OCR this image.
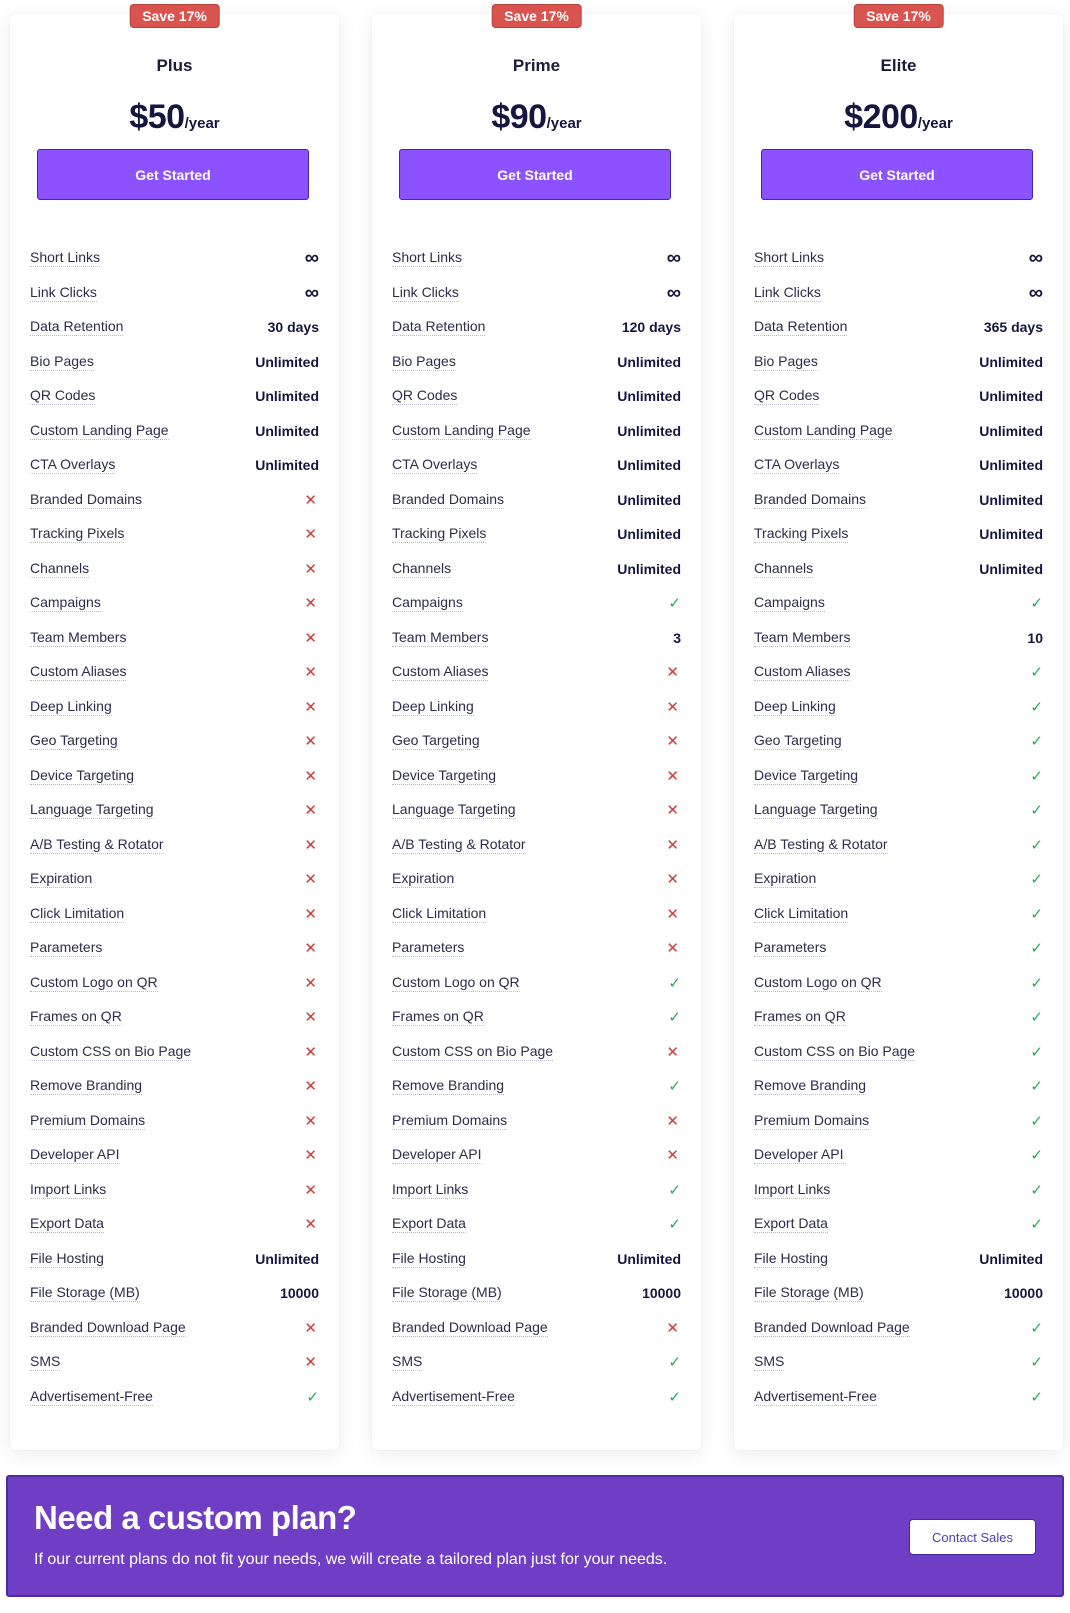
Save 17%
Plus
$50/year
Get Started
Short Links	∞
Link Clicks	∞
Data Retention	30 days
Bio Pages	Unlimited
QR Codes	Unlimited
Custom Landing Page	Unlimited
CTA Overlays	Unlimited
Branded Domains	✕
Tracking Pixels	✕
Channels	✕
Campaigns	✕
Team Members	✕
Custom Aliases	✕
Deep Linking	✕
Geo Targeting	✕
Device Targeting	✕
Language Targeting	✕
A/B Testing & Rotator	✕
Expiration	✕
Click Limitation	✕
Parameters	✕
Custom Logo on QR	✕
Frames on QR	✕
Custom CSS on Bio Page	✕
Remove Branding	✕
Premium Domains	✕
Developer API	✕
Import Links	✕
Export Data	✕
File Hosting	Unlimited
File Storage (MB)	10000
Branded Download Page	✕
SMS	✕
Advertisement-Free	✓
Save 17%
Prime
$90/year
Get Started
Short Links	∞
Link Clicks	∞
Data Retention	120 days
Bio Pages	Unlimited
QR Codes	Unlimited
Custom Landing Page	Unlimited
CTA Overlays	Unlimited
Branded Domains	Unlimited
Tracking Pixels	Unlimited
Channels	Unlimited
Campaigns	✓
Team Members	3
Custom Aliases	✕
Deep Linking	✕
Geo Targeting	✕
Device Targeting	✕
Language Targeting	✕
A/B Testing & Rotator	✕
Expiration	✕
Click Limitation	✕
Parameters	✕
Custom Logo on QR	✓
Frames on QR	✓
Custom CSS on Bio Page	✕
Remove Branding	✓
Premium Domains	✕
Developer API	✕
Import Links	✓
Export Data	✓
File Hosting	Unlimited
File Storage (MB)	10000
Branded Download Page	✕
SMS	✓
Advertisement-Free	✓
Save 17%
Elite
$200/year
Get Started
Short Links	∞
Link Clicks	∞
Data Retention	365 days
Bio Pages	Unlimited
QR Codes	Unlimited
Custom Landing Page	Unlimited
CTA Overlays	Unlimited
Branded Domains	Unlimited
Tracking Pixels	Unlimited
Channels	Unlimited
Campaigns	✓
Team Members	10
Custom Aliases	✓
Deep Linking	✓
Geo Targeting	✓
Device Targeting	✓
Language Targeting	✓
A/B Testing & Rotator	✓
Expiration	✓
Click Limitation	✓
Parameters	✓
Custom Logo on QR	✓
Frames on QR	✓
Custom CSS on Bio Page	✓
Remove Branding	✓
Premium Domains	✓
Developer API	✓
Import Links	✓
Export Data	✓
File Hosting	Unlimited
File Storage (MB)	10000
Branded Download Page	✓
SMS	✓
Advertisement-Free	✓
Need a custom plan?
If our current plans do not fit your needs, we will create a tailored plan just for your needs.
Contact Sales
